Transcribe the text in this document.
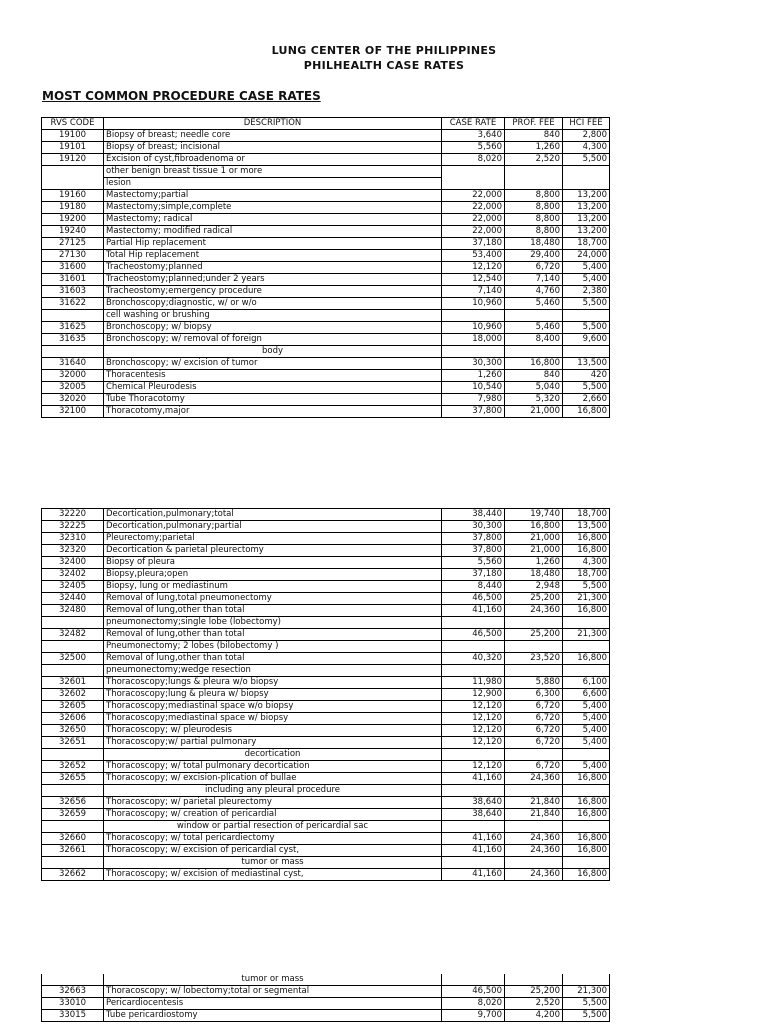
LUNG CENTER OF THE PHILIPPINES
PHILHEALTH CASE RATES
MOST COMMON PROCEDURE CASE RATES
RVS CODE	DESCRIPTION	CASE RATE	PROF. FEE	HCI FEE
19100	Biopsy of breast; needle core	3,640	840	2,800
19101	Biopsy of breast; incisional	5,560	1,260	4,300
19120	Excision of cyst,fibroadenoma or	8,020	2,520	5,500
	other benign breast tissue 1 or more			
	lesion			
19160	Mastectomy;partial	22,000	8,800	13,200
19180	Mastectomy;simple,complete	22,000	8,800	13,200
19200	Mastectomy; radical	22,000	8,800	13,200
19240	Mastectomy; modified radical	22,000	8,800	13,200
27125	Partial Hip replacement	37,180	18,480	18,700
27130	Total Hip replacement	53,400	29,400	24,000
31600	Tracheostomy;planned	12,120	6,720	5,400
31601	Tracheostomy;planned;under 2 years	12,540	7,140	5,400
31603	Tracheostomy;emergency procedure	7,140	4,760	2,380
31622	Bronchoscopy;diagnostic, w/ or w/o	10,960	5,460	5,500
	cell washing or brushing			
31625	Bronchoscopy; w/ biopsy	10,960	5,460	5,500
31635	Bronchoscopy; w/ removal of foreign	18,000	8,400	9,600
	body			
31640	Bronchoscopy; w/ excision of tumor	30,300	16,800	13,500
32000	Thoracentesis	1,260	840	420
32005	Chemical Pleurodesis	10,540	5,040	5,500
32020	Tube Thoracotomy	7,980	5,320	2,660
32100	Thoracotomy,major	37,800	21,000	16,800
32220	Decortication,pulmonary;total	38,440	19,740	18,700
32225	Decortication,pulmonary;partial	30,300	16,800	13,500
32310	Pleurectomy;parietal	37,800	21,000	16,800
32320	Decortication & parietal pleurectomy	37,800	21,000	16,800
32400	Biopsy of pleura	5,560	1,260	4,300
32402	Biopsy,pleura;open	37,180	18,480	18,700
32405	Biopsy, lung or mediastinum	8,440	2,948	5,500
32440	Removal of lung,total pneumonectomy	46,500	25,200	21,300
32480	Removal of lung,other than total	41,160	24,360	16,800
	pneumonectomy;single lobe (lobectomy)			
32482	Removal of lung,other than total	46,500	25,200	21,300
	Pneumonectomy; 2 lobes (bilobectomy )			
32500	Removal of lung,other than total	40,320	23,520	16,800
	pneumonectomy;wedge resection			
32601	Thoracoscopy;lungs & pleura w/o biopsy	11,980	5,880	6,100
32602	Thoracoscopy;lung & pleura w/ biopsy	12,900	6,300	6,600
32605	Thoracoscopy;mediastinal space w/o biopsy	12,120	6,720	5,400
32606	Thoracoscopy;mediastinal space w/ biopsy	12,120	6,720	5,400
32650	Thoracoscopy; w/ pleurodesis	12,120	6,720	5,400
32651	Thoracoscopy;w/ partial pulmonary	12,120	6,720	5,400
	decortication			
32652	Thoracoscopy; w/ total pulmonary decortication	12,120	6,720	5,400
32655	Thoracoscopy; w/ excision-plication of bullae	41,160	24,360	16,800
	including any pleural procedure			
32656	Thoracoscopy; w/ parietal pleurectomy	38,640	21,840	16,800
32659	Thoracoscopy; w/ creation of pericardial	38,640	21,840	16,800
	window or partial resection of pericardial sac			
32660	Thoracoscopy; w/ total pericardiectomy	41,160	24,360	16,800
32661	Thoracoscopy; w/ excision of pericardial cyst,	41,160	24,360	16,800
	tumor or mass			
32662	Thoracoscopy; w/ excision of mediastinal cyst,	41,160	24,360	16,800
	tumor or mass			
32663	Thoracoscopy; w/ lobectomy;total or segmental	46,500	25,200	21,300
33010	Pericardiocentesis	8,020	2,520	5,500
33015	Tube pericardiostomy	9,700	4,200	5,500
